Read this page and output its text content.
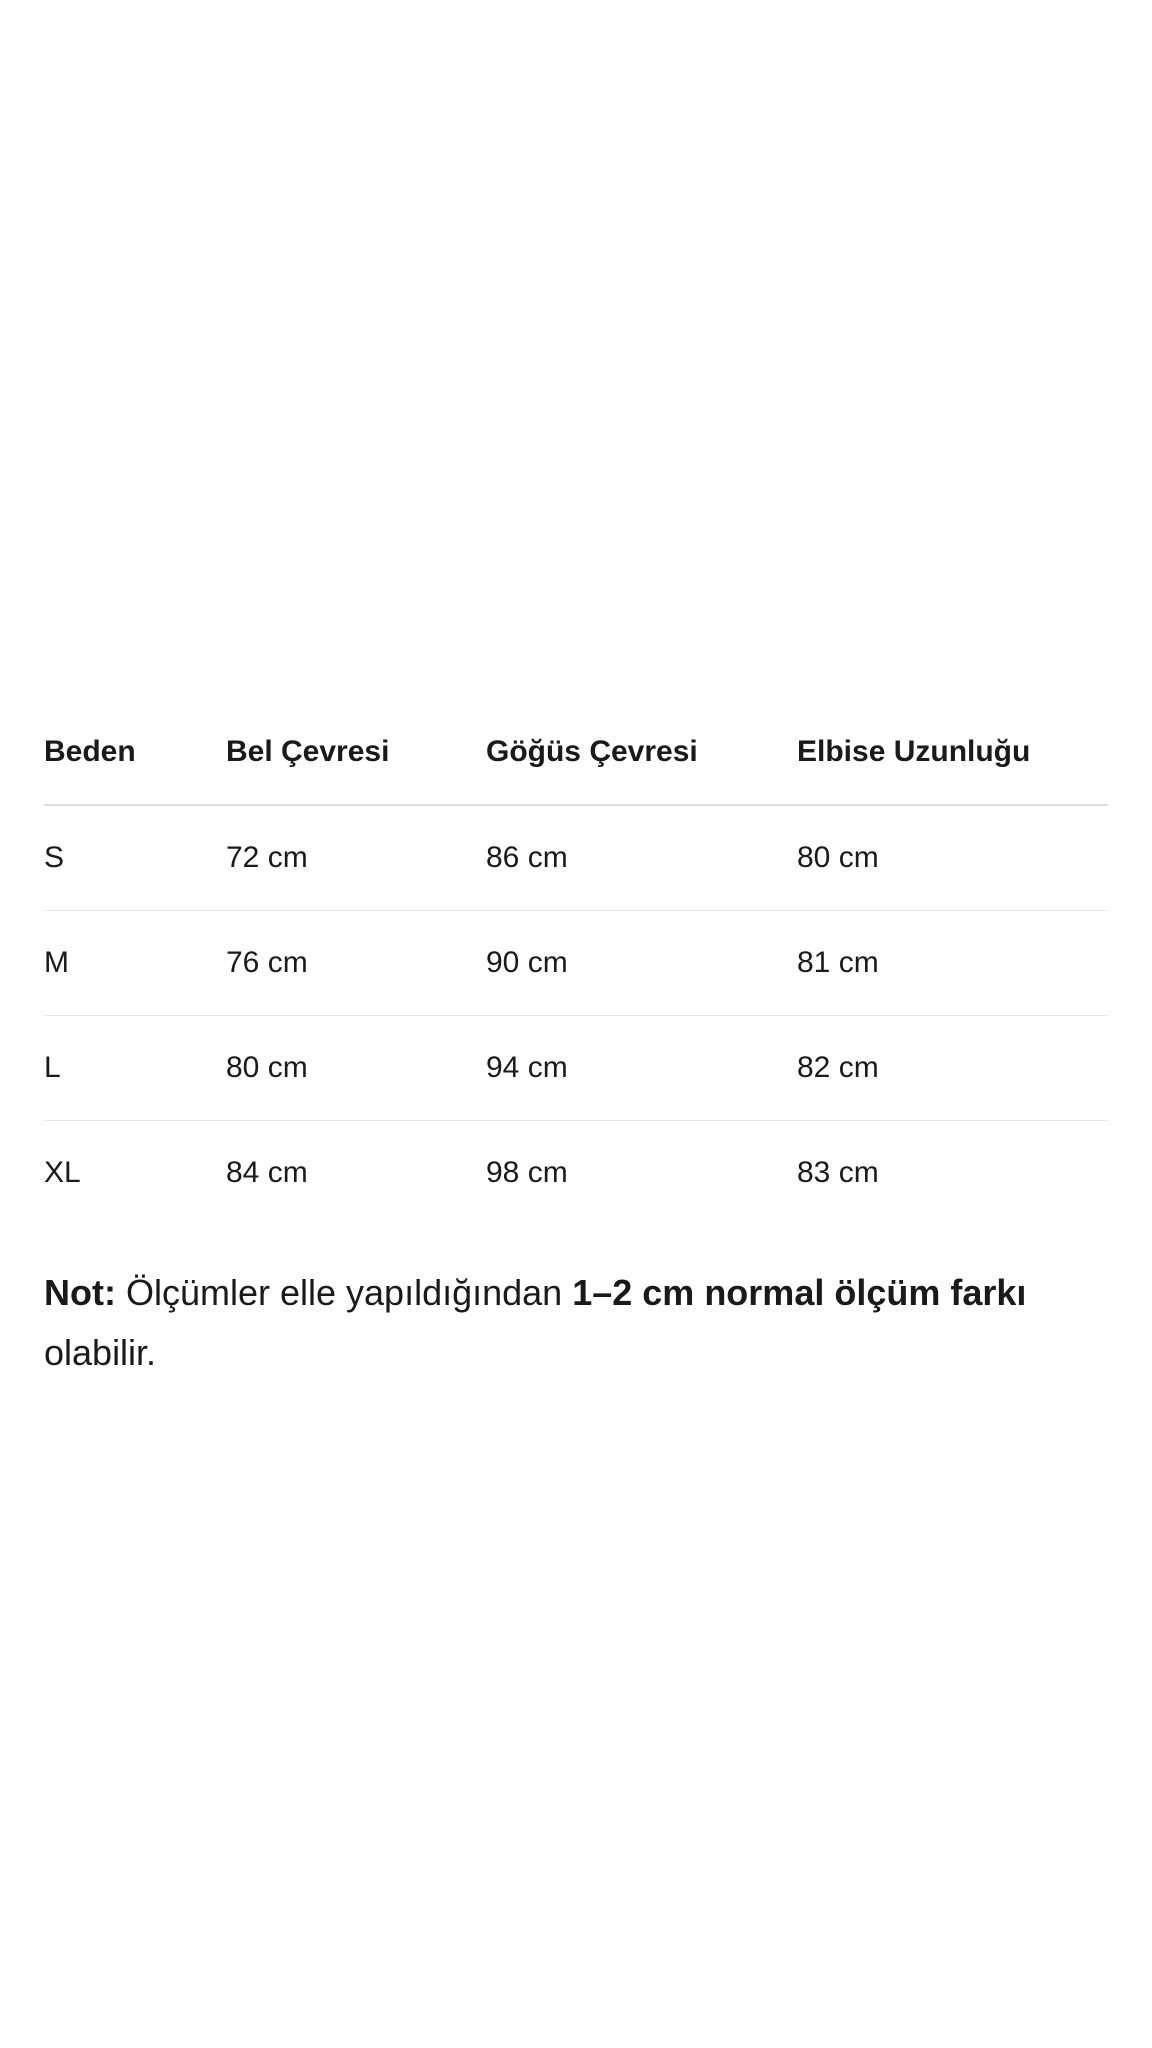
Beden	Bel Çevresi	Göğüs Çevresi	Elbise Uzunluğu
S	72 cm	86 cm	80 cm
M	76 cm	90 cm	81 cm
L	80 cm	94 cm	82 cm
XL	84 cm	98 cm	83 cm

Not: Ölçümler elle yapıldığından 1–2 cm normal ölçüm farkı olabilir.
